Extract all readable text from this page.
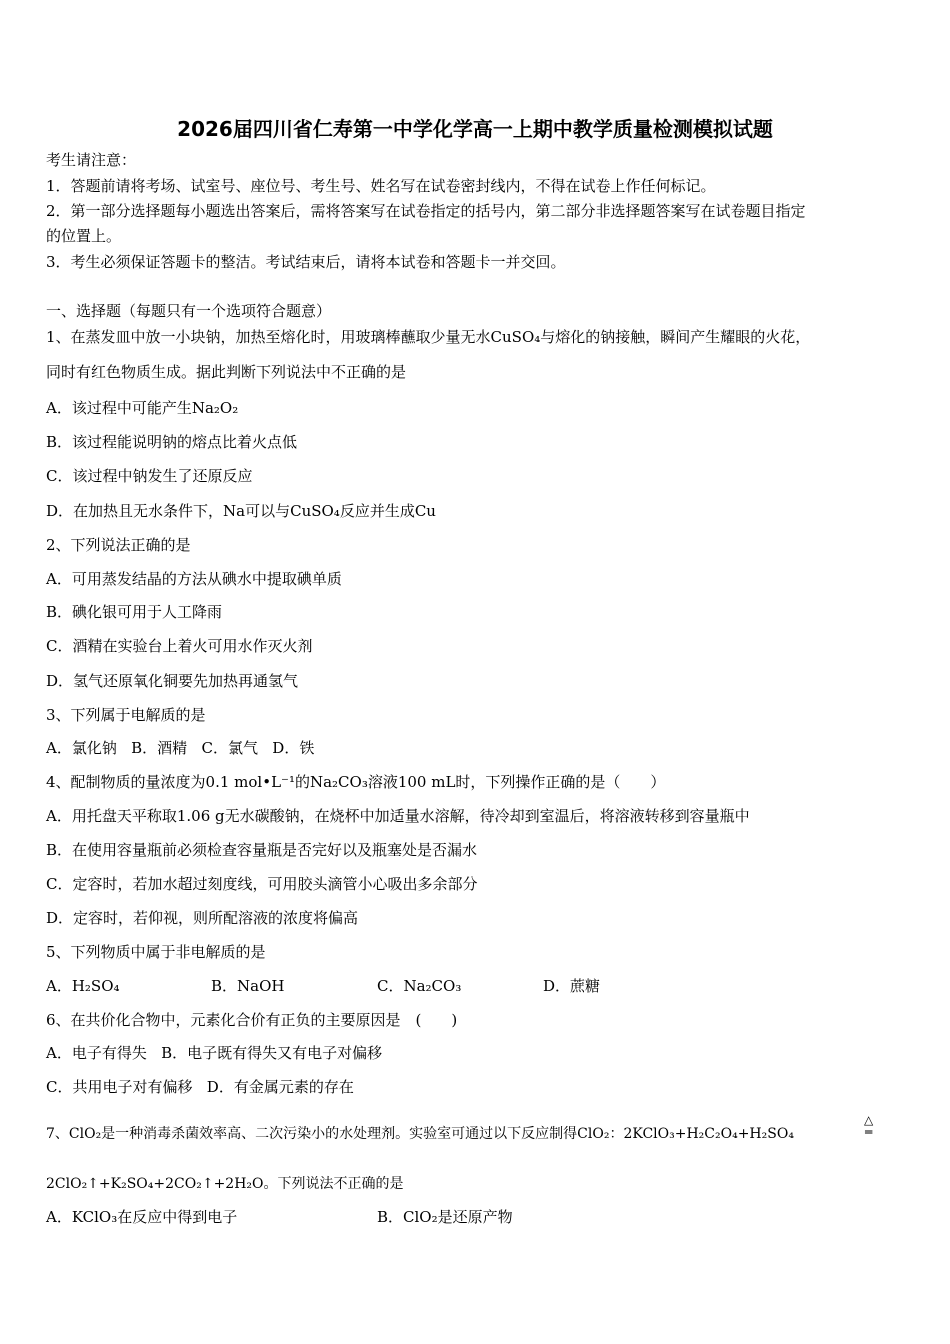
2026届四川省仁寿第一中学化学高一上期中教学质量检测模拟试题
考生请注意：
1．答题前请将考场、试室号、座位号、考生号、姓名写在试卷密封线内，不得在试卷上作任何标记。
2．第一部分选择题每小题选出答案后，需将答案写在试卷指定的括号内，第二部分非选择题答案写在试卷题目指定
的位置上。
3．考生必须保证答题卡的整洁。考试结束后，请将本试卷和答题卡一并交回。
一、选择题（每题只有一个选项符合题意）
1、在蒸发皿中放一小块钠，加热至熔化时，用玻璃棒蘸取少量无水CuSO₄与熔化的钠接触，瞬间产生耀眼的火花，
同时有红色物质生成。据此判断下列说法中不正确的是
A．该过程中可能产生Na₂O₂
B．该过程能说明钠的熔点比着火点低
C．该过程中钠发生了还原反应
D．在加热且无水条件下，Na可以与CuSO₄反应并生成Cu
2、下列说法正确的是
A．可用蒸发结晶的方法从碘水中提取碘单质
B．碘化银可用于人工降雨
C．酒精在实验台上着火可用水作灭火剂
D．氢气还原氧化铜要先加热再通氢气
3、下列属于电解质的是
A．氯化钠 B．酒精 C．氯气 D．铁
4、配制物质的量浓度为0.1 mol•L⁻¹的Na₂CO₃溶液100 mL时，下列操作正确的是（　　）
A．用托盘天平称取1.06 g无水碳酸钠，在烧杯中加适量水溶解，待冷却到室温后，将溶液转移到容量瓶中
B．在使用容量瓶前必须检查容量瓶是否完好以及瓶塞处是否漏水
C．定容时，若加水超过刻度线，可用胶头滴管小心吸出多余部分
D．定容时，若仰视，则所配溶液的浓度将偏高
5、下列物质中属于非电解质的是
A．H₂SO₄	B．NaOH	C．Na₂CO₃	D．蔗糖
6、在共价化合物中，元素化合价有正负的主要原因是　(　　)
A．电子有得失 B．电子既有得失又有电子对偏移
C．共用电子对有偏移 D．有金属元素的存在
7、ClO₂是一种消毒杀菌效率高、二次污染小的水处理剂。实验室可通过以下反应制得ClO₂：2KClO₃+H₂C₂O₄+H₂SO₄
△
═
2ClO₂↑+K₂SO₄+2CO₂↑+2H₂O。下列说法不正确的是
A．KClO₃在反应中得到电子	B．ClO₂是还原产物
